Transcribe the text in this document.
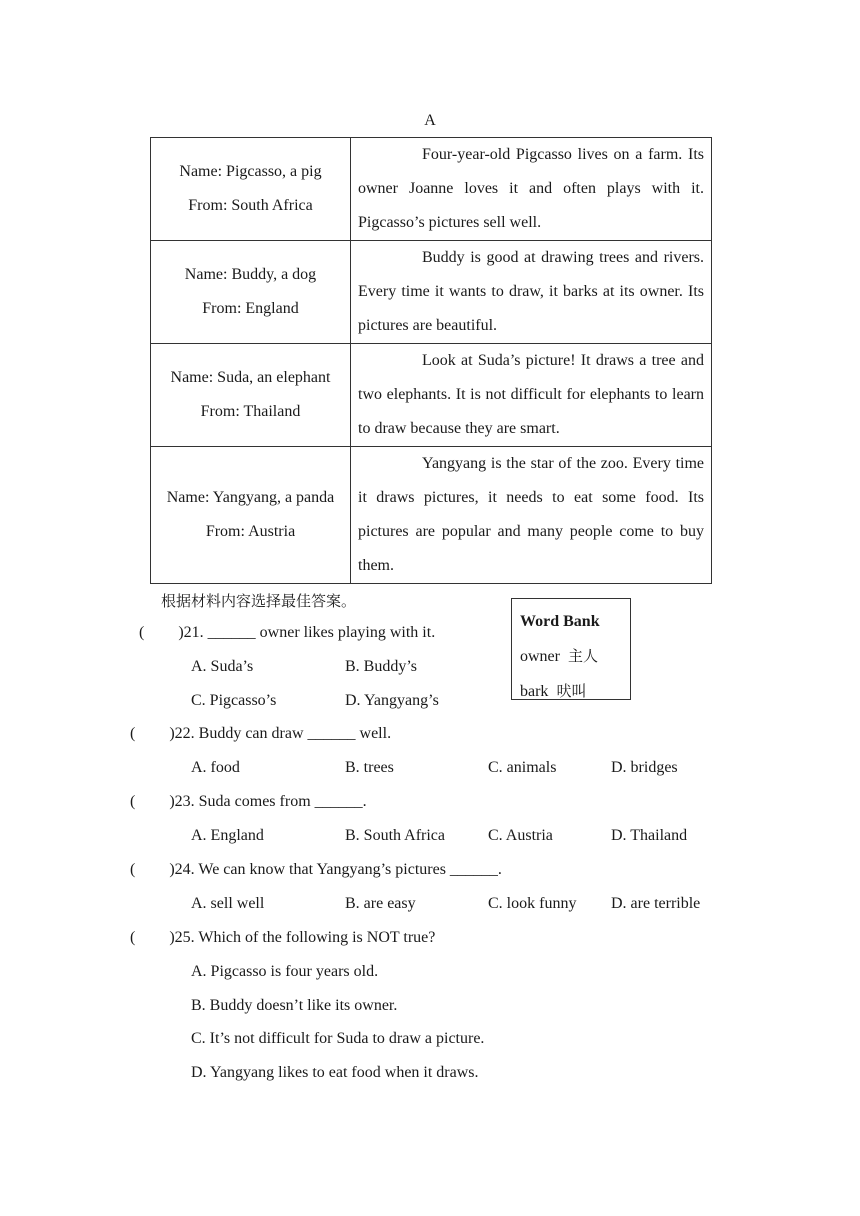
A
Name: Pigcasso, a pig
From: South Africa	Four-year-old Pigcasso lives on a farm. Its owner Joanne loves it and often plays with it. Pigcasso’s pictures sell well.

Name: Buddy, a dog
From: England	Buddy is good at drawing trees and rivers. Every time it wants to draw, it barks at its owner. Its pictures are beautiful.

Name: Suda, an elephant
From: Thailand	Look at Suda’s picture! It draws a tree and two elephants. It is not difficult for elephants to learn to draw because they are smart.

Name: Yangyang, a panda
From: Austria	Yangyang is the star of the zoo. Every time it draws pictures, it needs to eat some food. Its pictures are popular and many people come to buy them.
根据材料内容选择最佳答案。
Word Bank
owner 主人
bark 吠叫
( )21. ______ owner likes playing with it.
A. Suda’s	B. Buddy’s
C. Pigcasso’s	D. Yangyang’s
( )22. Buddy can draw ______ well.
A. food	B. trees	C. animals	D. bridges
( )23. Suda comes from ______.
A. England	B. South Africa	C. Austria	D. Thailand
( )24. We can know that Yangyang’s pictures ______.
A. sell well	B. are easy	C. look funny D. are terrible
( )25. Which of the following is NOT true?
A. Pigcasso is four years old.
B. Buddy doesn’t like its owner.
C. It’s not difficult for Suda to draw a picture.
D. Yangyang likes to eat food when it draws.
